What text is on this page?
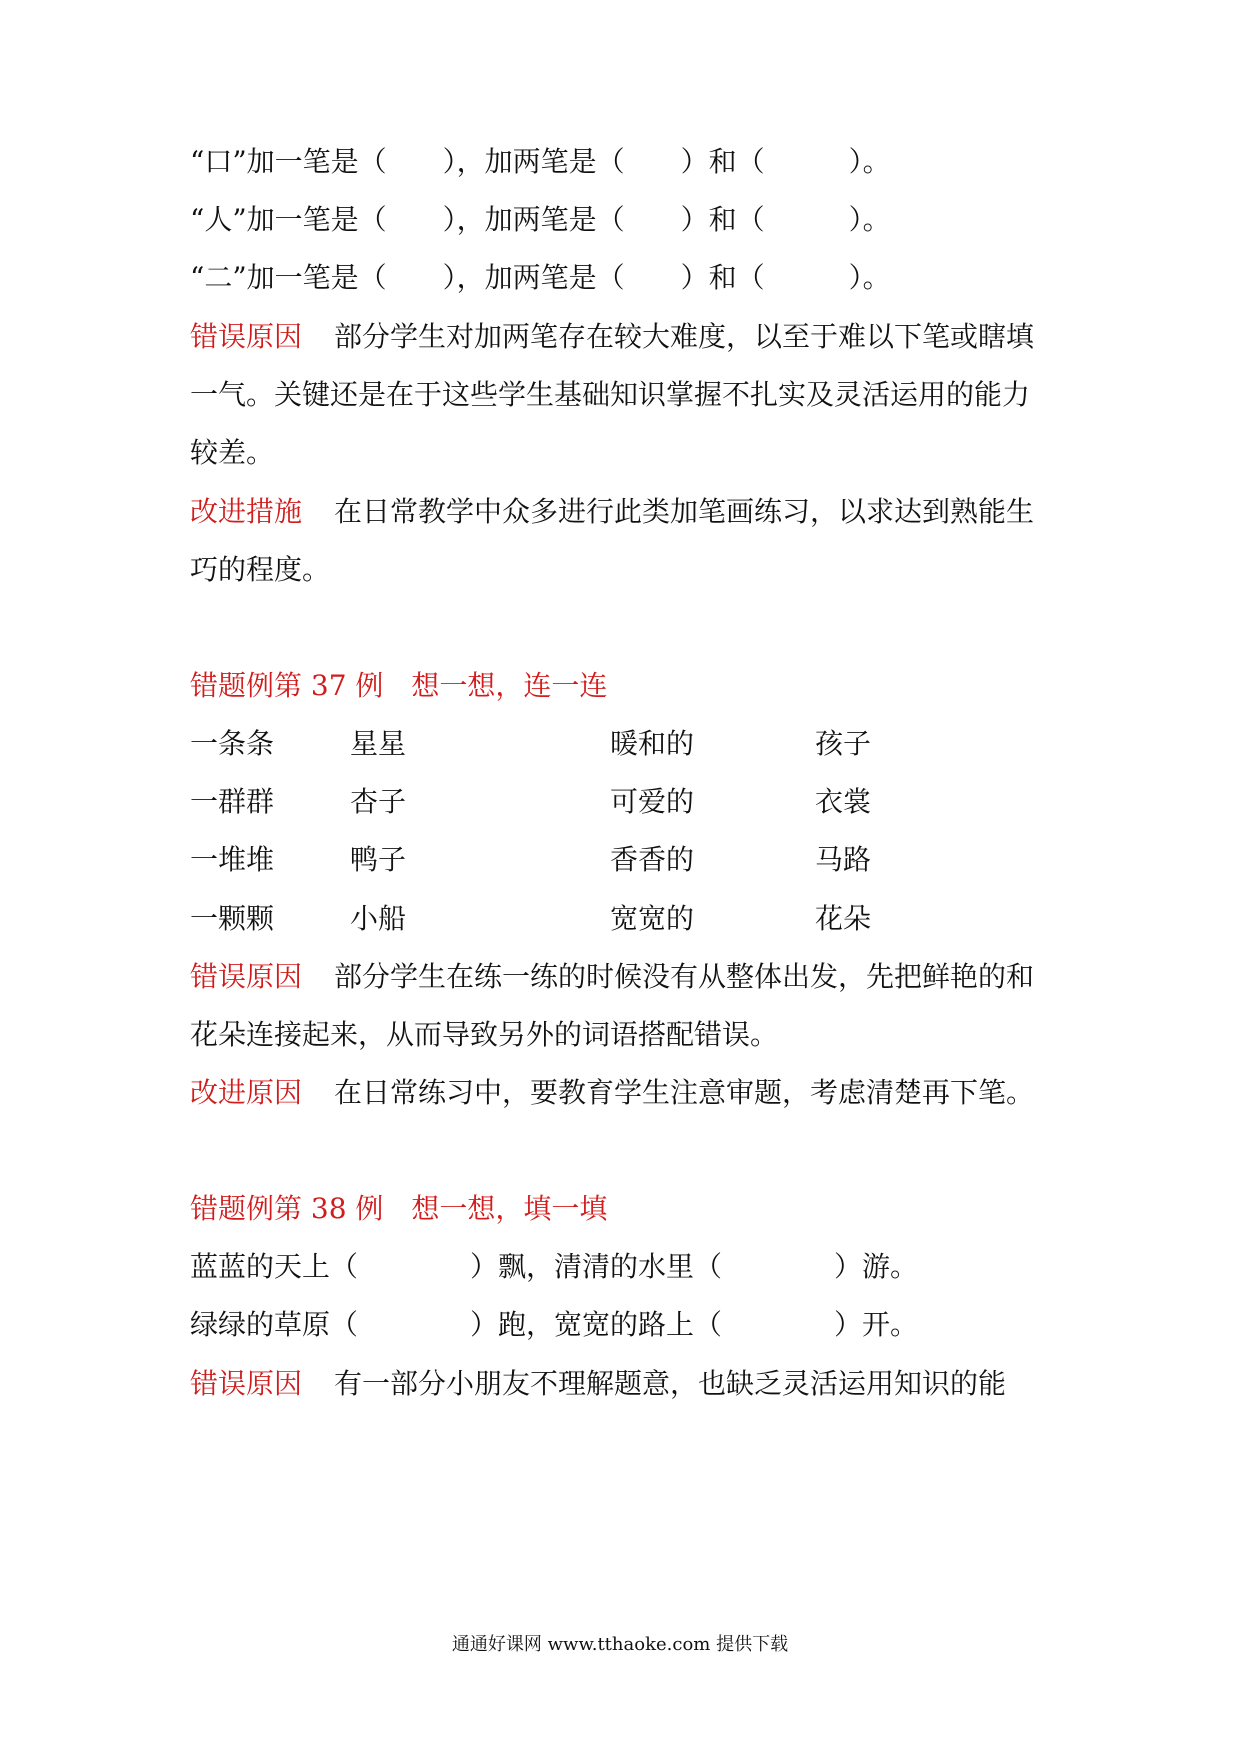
“口”加一笔是（　　），加两笔是（　　）和（　　　）。
“人”加一笔是（　　），加两笔是（　　）和（　　　）。
“二”加一笔是（　　），加两笔是（　　）和（　　　）。
错误原因 部分学生对加两笔存在较大难度，以至于难以下笔或瞎填
一气。关键还是在于这些学生基础知识掌握不扎实及灵活运用的能力
较差。
改进措施 在日常教学中众多进行此类加笔画练习，以求达到熟能生
巧的程度。
错题例第 37 例　想一想，连一连
一条条	星星	暖和的	孩子
一群群	杏子	可爱的	衣裳
一堆堆	鸭子	香香的	马路
一颗颗	小船	宽宽的	花朵
错误原因 部分学生在练一练的时候没有从整体出发，先把鲜艳的和
花朵连接起来，从而导致另外的词语搭配错误。
改进原因 在日常练习中，要教育学生注意审题，考虑清楚再下笔。
错题例第 38 例　想一想，填一填
蓝蓝的天上（　　　　）飘，清清的水里（　　　　）游。
绿绿的草原（　　　　）跑，宽宽的路上（　　　　）开。
错误原因 有一部分小朋友不理解题意，也缺乏灵活运用知识的能
通通好课网 www.tthaoke.com 提供下载
